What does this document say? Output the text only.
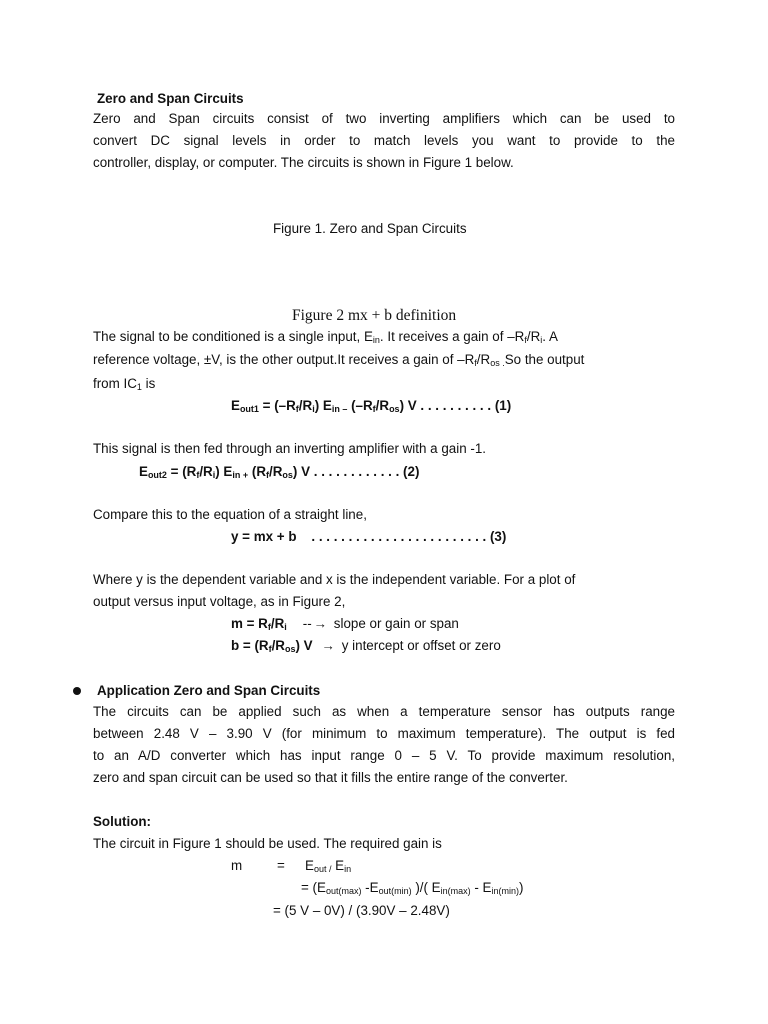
Zero and Span Circuits
Zero and Span circuits consist of two inverting amplifiers which can be used to
convert DC signal levels in order to match levels you want to provide to the
controller, display, or computer. The circuits is shown in Figure 1 below.
Figure 1. Zero and Span Circuits
Figure 2 mx + b definition
The signal to be conditioned is a single input, $E_{in}$. It receives a gain of $-R_f/R_i$. A
reference voltage, ±V, is the other output.It receives a gain of $-R_f/R_{os .}So$ the output
from $IC_1$ is
$E_{out1} = (-R_f/R_i)$ $E_{in -}$ $(-R_f/R_{os})$ V . . . . . . . . . . (1)
This signal is then fed through an inverting amplifier with a gain -1.
$E_{out2} = (R_f/R_i)$ $E_{in +}$ $(R_f/R_{os})$ V . . . . . . . . . . . . (2)
Compare this to the equation of a straight line,
y = mx + b    . . . . . . . . . . . . . . . . . . . . . . . . (3)
Where y is the dependent variable and x is the independent variable. For a plot of
output versus input voltage, as in Figure 2,
$m = R_f/R_i$ -- → slope or gain or span
$b = (R_f/R_{os}) V \to y$ intercept or offset or zero
Application Zero and Span Circuits
The circuits can be applied such as when a temperature sensor has outputs range
between 2.48 V – 3.90 V (for minimum to maximum temperature). The output is fed
to an A/D converter which has input range 0 – 5 V. To provide maximum resolution,
zero and span circuit can be used so that it fills the entire range of the converter.
Solution:
The circuit in Figure 1 should be used. The required gain is
m	= $E_{out /}$ $E_{in}$
= ($E_{out(max)}$ $-E_{out(min)}$ )/( $E_{in(max)} - E_{in(min)}$)
= (5 V – 0V) / (3.90V – 2.48V)
